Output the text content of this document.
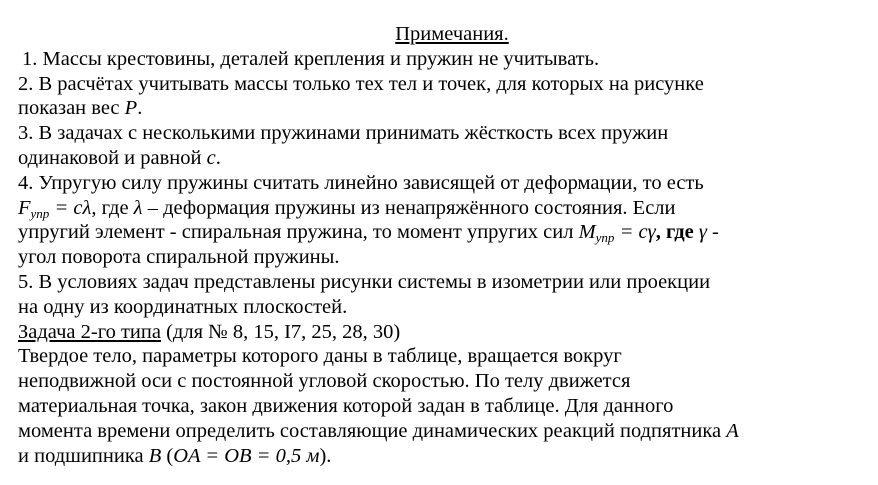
Примечания.
1. Массы крестовины, деталей крепления и пружин не учитывать.
2. В расчётах учитывать массы только тех тел и точек, для которых на рисунке
показан вес P.
3. В задачах с несколькими пружинами принимать жёсткость всех пружин
одинаковой и равной c.
4. Упругую силу пружины считать линейно зависящей от деформации, то есть
$F_{упр} = c\lambda$, где λ – деформация пружины из ненапряжённого состояния. Если
упругий элемент - спиральная пружина, то момент упругих сил $M_{упр} = c\gamma$, где γ -
угол поворота спиральной пружины.
5. В условиях задач представлены рисунки системы в изометрии или проекции
на одну из координатных плоскостей.
Задача 2-го типа (для № 8, 15, I7, 25, 28, 30)
Твердое тело, параметры которого даны в таблице, вращается вокруг
неподвижной оси с постоянной угловой скоростью. По телу движется
материальная точка, закон движения которой задан в таблице. Для данного
момента времени определить составляющие динамических реакций подпятника A
и подшипника B (OA = OB = 0,5 м).
